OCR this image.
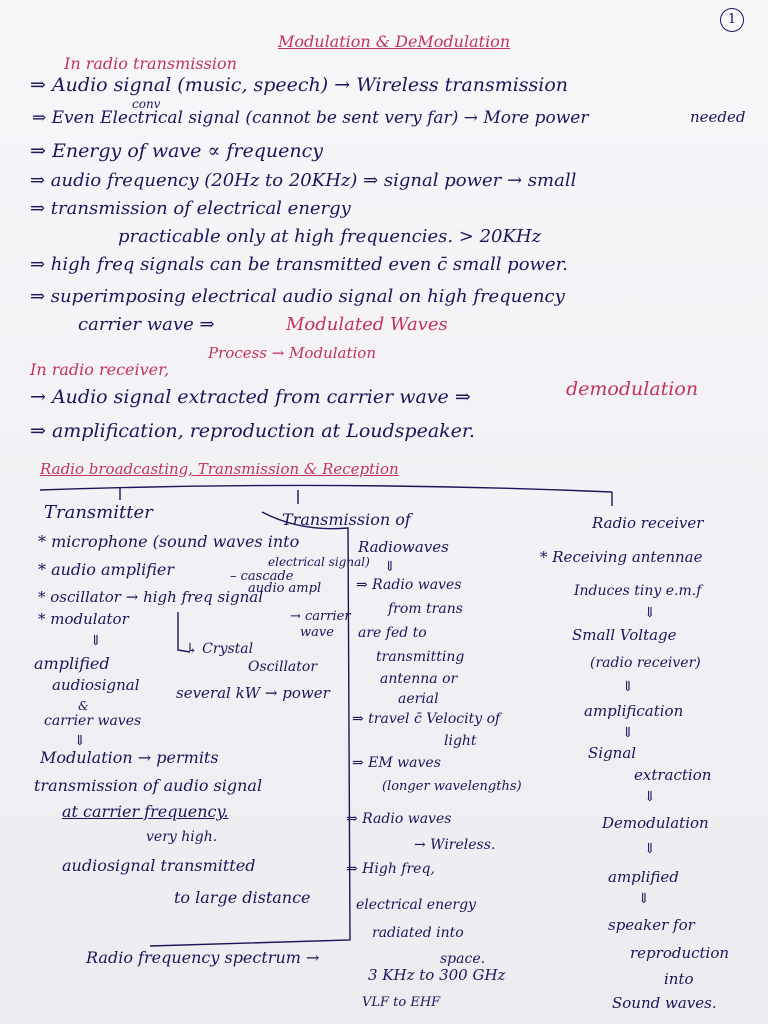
1
Modulation & DeModulation
In radio transmission
⇒ Audio signal (music, speech) → Wireless transmission
conv
⇒ Even Electrical signal (cannot be sent very far) → More power	needed
⇒ Energy of wave ∝ frequency
⇒ audio frequency (20Hz to 20KHz) ⇒ signal power → small
⇒ transmission of electrical energy
practicable only at high frequencies. > 20KHz
⇒ high freq signals can be transmitted even c̄ small power.
⇒ superimposing electrical audio signal on high frequency
carrier wave ⇒	Modulated Waves
Process → Modulation
In radio receiver,
→ Audio signal extracted from carrier wave ⇒	demodulation
⇒ amplification, reproduction at Loudspeaker.
Radio broadcasting, Transmission & Reception
Transmitter
* microphone (sound waves into
electrical signal)
* audio amplifier	– cascade
audio ampl
* oscillator → high freq signal
→ carrier
wave
* modulator
⇓	↳ Crystal
Oscillator
amplified
audiosignal
&
carrier waves
several kW → power
⇓
Modulation → permits
transmission of audio signal
at carrier frequency.
very high.
audiosignal transmitted
to large distance
Transmission of
Radiowaves
⇓
⇒ Radio waves
from trans
are fed to
transmitting
antenna or
aerial
⇒ travel c̄ Velocity of
light
⇒ EM waves
(longer wavelengths)
⇒ Radio waves
→ Wireless.
⇒ High freq,
electrical energy
radiated into
space.
Radio receiver
* Receiving antennae
Induces tiny e.m.f
⇓
Small Voltage
(radio receiver)
⇓
amplification
⇓
Signal
extraction
⇓
Demodulation
⇓
amplified
⇓
speaker for
reproduction
into
Sound waves.
Radio frequency spectrum →
3 KHz to 300 GHz
VLF to EHF
